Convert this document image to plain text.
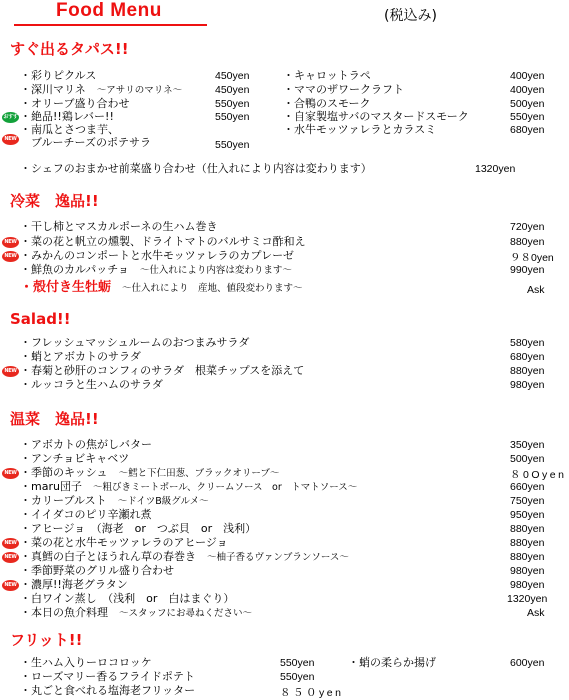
Food Menu	(税込み)
すぐ出るタパス!!
・彩りピクルス	450yen
・深川マリネ　 ～アサリのマリネ～	450yen
・オリーブ盛り合わせ	550yen
おすすめ
・絶品!!鶏レバー!!	550yen
NEW
・南瓜とさつま芋、
　ブルーチーズのポテサラ	550yen
・キャロットラペ	400yen
・ママのザワークラフト	400yen
・合鴨のスモーク	500yen
・自家製塩サバのマスタードスモーク	550yen
・水牛モッツァレラとカラスミ	680yen
・シェフのおまかせ前菜盛り合わせ（仕入れにより内容は変わります）	1320yen
冷菜　逸品!!
・干し柿とマスカルポーネの生ハム巻き	720yen
NEW ・菜の花と帆立の燻製、ドライトマトのバルサミコ酢和え	880yen
NEW ・みかんのコンポートと水牛モッツァレラのカプレーゼ	９８0yen
・鮮魚のカルパッチョ　 ～仕入れにより内容は変わります～	990yen
・殻付き生牡蛎　 ～仕入れにより　産地、値段変わります～	Ask
Salad!!
・フレッシュマッシュルームのおつまみサラダ	580yen
・蛸とアボカトのサラダ	680yen
NEW ・春菊と砂肝のコンフィのサラダ　根菜チップスを添えて	880yen
・ルッコラと生ハムのサラダ	980yen
温菜　逸品!!
・アボカトの焦がしバター	350yen
・アンチョビキャベツ	500yen
NEW ・季節のキッシュ　 ～鱈と下仁田葱、ブラックオリーブ～	８0Oyen
・maru団子　 ～粗びきミートボール、クリームソース　or　トマトソース～	660yen
・カリーブルスト　 ～ドイツB級グルメ～	750yen
・イイダコのピリ辛瀬れ煮	950yen
・アヒージョ　 （海老　or　つぶ貝　or　浅利）	880yen
NEW ・菜の花と水牛モッツァレラのアヒージョ	880yen
NEW ・真鱈の白子とほうれん草の春巻き　 ～柚子香るヴァンブランソース～	880yen
・季節野菜のグリル盛り合わせ	980yen
NEW ・濃厚!!海老グラタン	980yen
・白ワイン蒸し　 （浅利　or　白はまぐり）	1320yen
・本日の魚介料理　 ～スタッフにお尋ねください～	Ask
フリット!!
・生ハム入りーロコロッケ	550yen
・ローズマリー香るフライドポテト	550yen
・丸ごと食べれる塩海老フリッター	８５０yen
・蛸の柔らか揚げ	600yen
